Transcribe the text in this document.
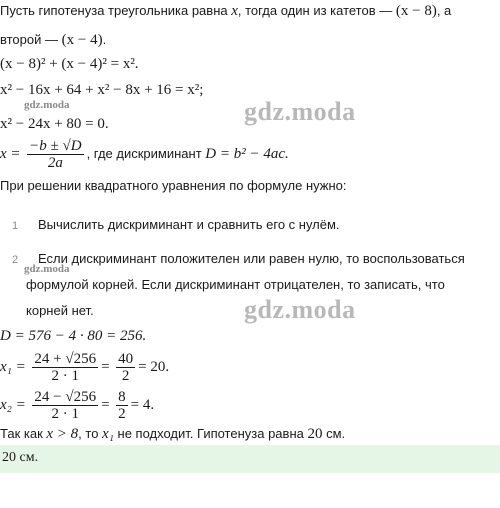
Пусть гипотенуза треугольника равна x, тогда один из катетов — (x − 8), а
второй — (x − 4).
(x − 8)² + (x − 4)² = x².
x² − 16x + 64 + x² − 8x + 16 = x²;
gdz.moda	gdz.moda
x² − 24x + 80 = 0.
$x = \frac{-b \pm √D}{2a}$ , где дискриминант D = b² − 4ac.
При решении квадратного уравнения по формуле нужно:
1 Вычислить дискриминант и сравнить его с нулём.
2 Если дискриминант положителен или равен нулю, то воспользоваться
gdz.moda
формулой корней. Если дискриминант отрицателен, то записать, что
gdz.moda
корней нет.
D = 576 − 4 · 80 = 256.
$x_1 = \frac{24 + √256}{2 \cdot 1} = \frac{40}{2} = 20$.
$x_2 = \frac{24 - √256}{2 \cdot 1} = \frac{8}{2} = 4$.
Так как x > 8, то x₁ не подходит. Гипотенуза равна 20 см.
20 см.
